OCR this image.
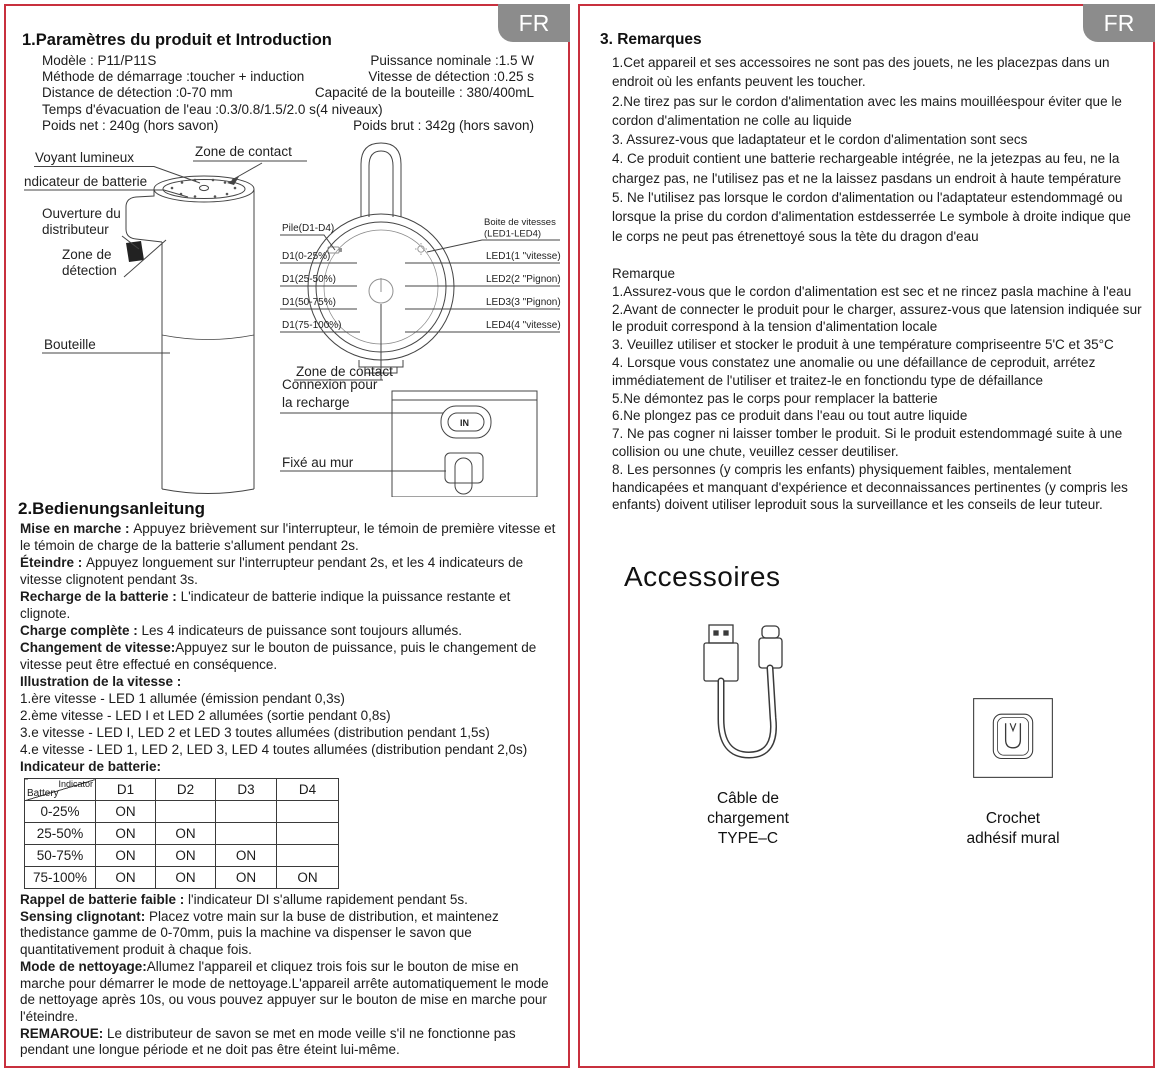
FR
1.Paramètres du produit et Introduction
Modèle : P11/P11S	Puissance nominale :1.5 W
Méthode de démarrage :toucher + induction	Vitesse de détection :0.25 s
Distance de détection :0-70 mm	Capacité de la bouteille : 380/400mL
Temps d'évacuation de l'eau :0.3/0.8/1.5/2.0 s(4 niveaux)
Poids net : 240g (hors savon)	Poids brut : 342g (hors savon)
Voyant lumineux
ndicateur de batterie
Zone de contact
Ouverture du
distributeur
Zone de
détection
Bouteille
Zone de contact
Connexion pour
la recharge
Fixé au mur
Pile(D1-D4)
D1(0-25%)
D1(25-50%)
D1(50-75%)
D1(75-100%)
Boite de vitesses
(LED1-LED4)
LED1(1 "vitesse)
LED2(2 "Pignon)
LED3(3 "Pignon)
LED4(4 "vitesse)
IN
2.Bedienungsanleitung

Mise en marche : Appuyez brièvement sur l'interrupteur, le témoin de première vitesse et le témoin de charge de la batterie s'allument pendant 2s.

Éteindre : Appuyez longuement sur l'interrupteur pendant 2s, et les 4 indicateurs de vitesse clignotent pendant 3s.

Recharge de la batterie : L'indicateur de batterie indique la puissance restante et clignote.

Charge complète : Les 4 indicateurs de puissance sont toujours allumés.

Changement de vitesse:Appuyez sur le bouton de puissance, puis le changement de vitesse peut être effectué en conséquence.

Illustration de la vitesse :

1.ère vitesse - LED 1 allumée (émission pendant 0,3s)

2.ème vitesse - LED I et LED 2 allumées (sortie pendant 0,8s)

3.e vitesse - LED I, LED 2 et LED 3 toutes allumées (distribution pendant 1,5s)

4.e vitesse - LED 1, LED 2, LED 3, LED 4 toutes allumées (distribution pendant 2,0s)

Indicateur de batterie:

Indicator
Battery	D1	D2	D3	D4
0-25%	ON			
25-50%	ON	ON		
50-75%	ON	ON	ON	
75-100%	ON	ON	ON	ON

Rappel de batterie faible : l'indicateur DI s'allume rapidement pendant 5s.

Sensing clignotant: Placez votre main sur la buse de distribution, et maintenez thedistance gamme de 0-70mm, puis la machine va dispenser le savon que quantitativement produit à chaque fois.

Mode de nettoyage:Allumez l'appareil et cliquez trois fois sur le bouton de mise en marche pour démarrer le mode de nettoyage.L'appareil arrête automatiquement le mode de nettoyage après 10s, ou vous pouvez appuyer sur le bouton de mise en marche pour l'éteindre.

REMAROUE: Le distributeur de savon se met en mode veille s'il ne fonctionne pas pendant une longue période et ne doit pas être éteint lui-même.

FR
3. Remarques

1.Cet appareil et ses accessoires ne sont pas des jouets, ne les placezpas dans un endroit où les enfants peuvent les toucher.

2.Ne tirez pas sur le cordon d'alimentation avec les mains mouilléespour éviter que le cordon d'alimentation ne colle au liquide

3. Assurez-vous que ladaptateur et le cordon d'alimentation sont secs

4. Ce produit contient une batterie rechargeable intégrée, ne la jetezpas au feu, ne la chargez pas, ne l'utilisez pas et ne la laissez pasdans un endroit à haute température

5. Ne l'utilisez pas lorsque le cordon d'alimentation ou l'adaptateur estendommagé ou lorsque la prise du cordon d'alimentation estdesserrée Le symbole à droite indique que le corps ne peut pas étrenettoyé sous la tète du dragon d'eau

Remarque

1.Assurez-vous que le cordon d'alimentation est sec et ne rincez pasla machine à l'eau

2.Avant de connecter le produit pour le charger, assurez-vous que latension indiquée sur le produit correspond à la tension d'alimentation locale

3. Veuillez utiliser et stocker le produit à une température compriseentre 5'C et 35°C

4. Lorsque vous constatez une anomalie ou une défaillance de ceproduit, arrétez immédiatement de l'utiliser et traitez-le en fonctiondu type de défaillance

5.Ne démontez pas le corps pour remplacer la batterie

6.Ne plongez pas ce produit dans l'eau ou tout autre liquide

7. Ne pas cogner ni laisser tomber le produit. Si le produit estendommagé suite à une collision ou une chute, veuillez cesser deutiliser.

8. Les personnes (y compris les enfants) physiquement faibles, mentalement handicapées et manquant d'expérience et deconnaissances pertinentes (y compris les enfants) doivent utiliser leproduit sous la surveillance et les conseils de leur tuteur.

Accessoires
Câble de
chargement
TYPE–C
Crochet
adhésif mural
